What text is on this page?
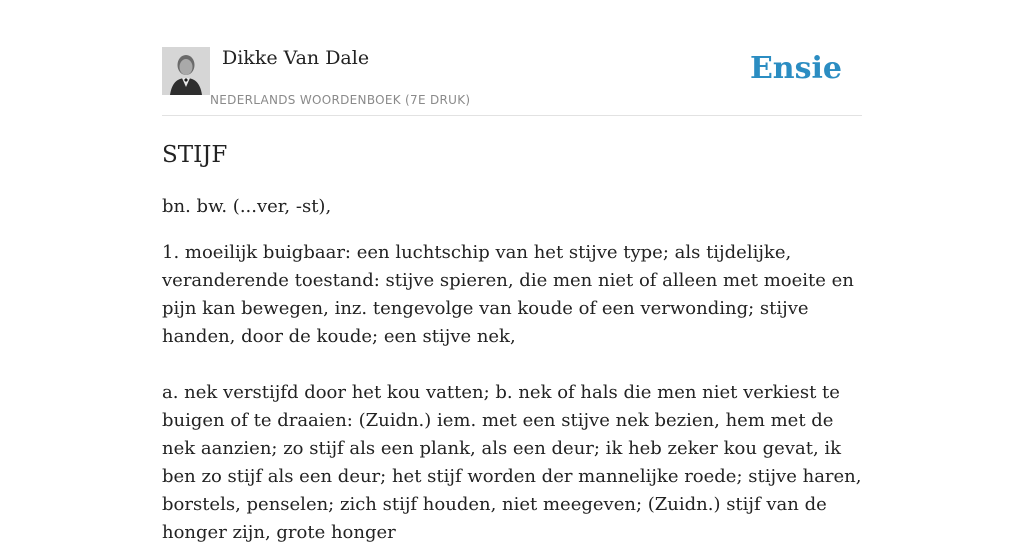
Dikke Van Dale
NEDERLANDS WOORDENBOEK (7E DRUK)
Ensie
STIJF

bn. bw. (...ver, -st),

1. moeilijk buigbaar: een luchtschip van het stijve type; als tijdelijke, veranderende toestand: stijve spieren, die men niet of alleen met moeite en pijn kan bewegen, inz. tengevolge van koude of een verwonding; stijve handen, door de koude; een stijve nek,

a. nek verstijfd door het kou vatten; b. nek of hals die men niet verkiest te buigen of te draaien: (Zuidn.) iem. met een stijve nek bezien, hem met de nek aanzien; zo stijf als een plank, als een deur; ik heb zeker kou gevat, ik ben zo stijf als een deur; het stijf worden der mannelijke roede; stijve haren, borstels, penselen; zich stijf houden, niet meegeven; (Zuidn.) stijf van de honger zijn, grote honger
